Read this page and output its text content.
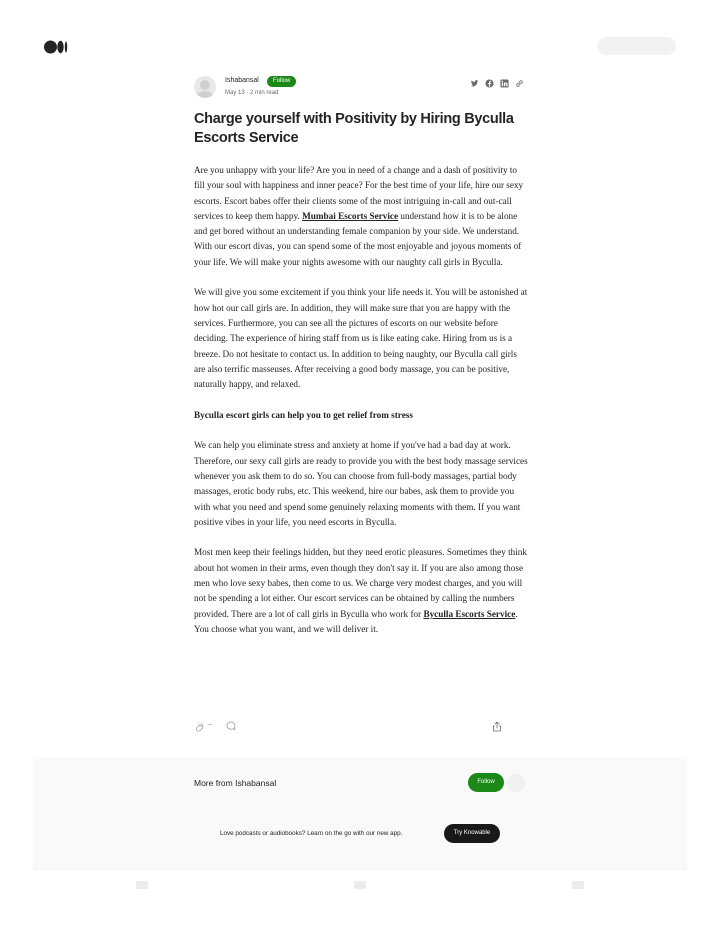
Ishabansal	Follow
May 13 · 2 min read
Charge yourself with Positivity by Hiring Byculla Escorts Service

Are you unhappy with your life? Are you in need of a change and a dash of positivity to fill your soul with happiness and inner peace? For the best time of your life, hire our sexy escorts. Escort babes offer their clients some of the most intriguing in-call and out-call services to keep them happy. Mumbai Escorts Service understand how it is to be alone and get bored without an understanding female companion by your side. We understand. With our escort divas, you can spend some of the most enjoyable and joyous moments of your life. We will make your nights awesome with our naughty call girls in Byculla.

We will give you some excitement if you think your life needs it. You will be astonished at how hot our call girls are. In addition, they will make sure that you are happy with the services. Furthermore, you can see all the pictures of escorts on our website before deciding. The experience of hiring staff from us is like eating cake. Hiring from us is a breeze. Do not hesitate to contact us. In addition to being naughty, our Byculla call girls are also terrific masseuses. After receiving a good body massage, you can be positive, naturally happy, and relaxed.

Byculla escort girls can help you to get relief from stress

We can help you eliminate stress and anxiety at home if you've had a bad day at work. Therefore, our sexy call girls are ready to provide you with the best body massage services whenever you ask them to do so. You can choose from full-body massages, partial body massages, erotic body rubs, etc. This weekend, hire our babes, ask them to provide you with what you need and spend some genuinely relaxing moments with them. If you want positive vibes in your life, you need escorts in Byculla.

Most men keep their feelings hidden, but they need erotic pleasures. Sometimes they think about hot women in their arms, even though they don't say it. If you are also among those men who love sexy babes, then come to us. We charge very modest charges, and you will not be spending a lot either. Our escort services can be obtained by calling the numbers provided. There are a lot of call girls in Byculla who work for Byculla Escorts Service. You choose what you want, and we will deliver it.

--
More from Ishabansal	Follow
Love podcasts or audiobooks? Learn on the go with our new app.	Try Knowable
